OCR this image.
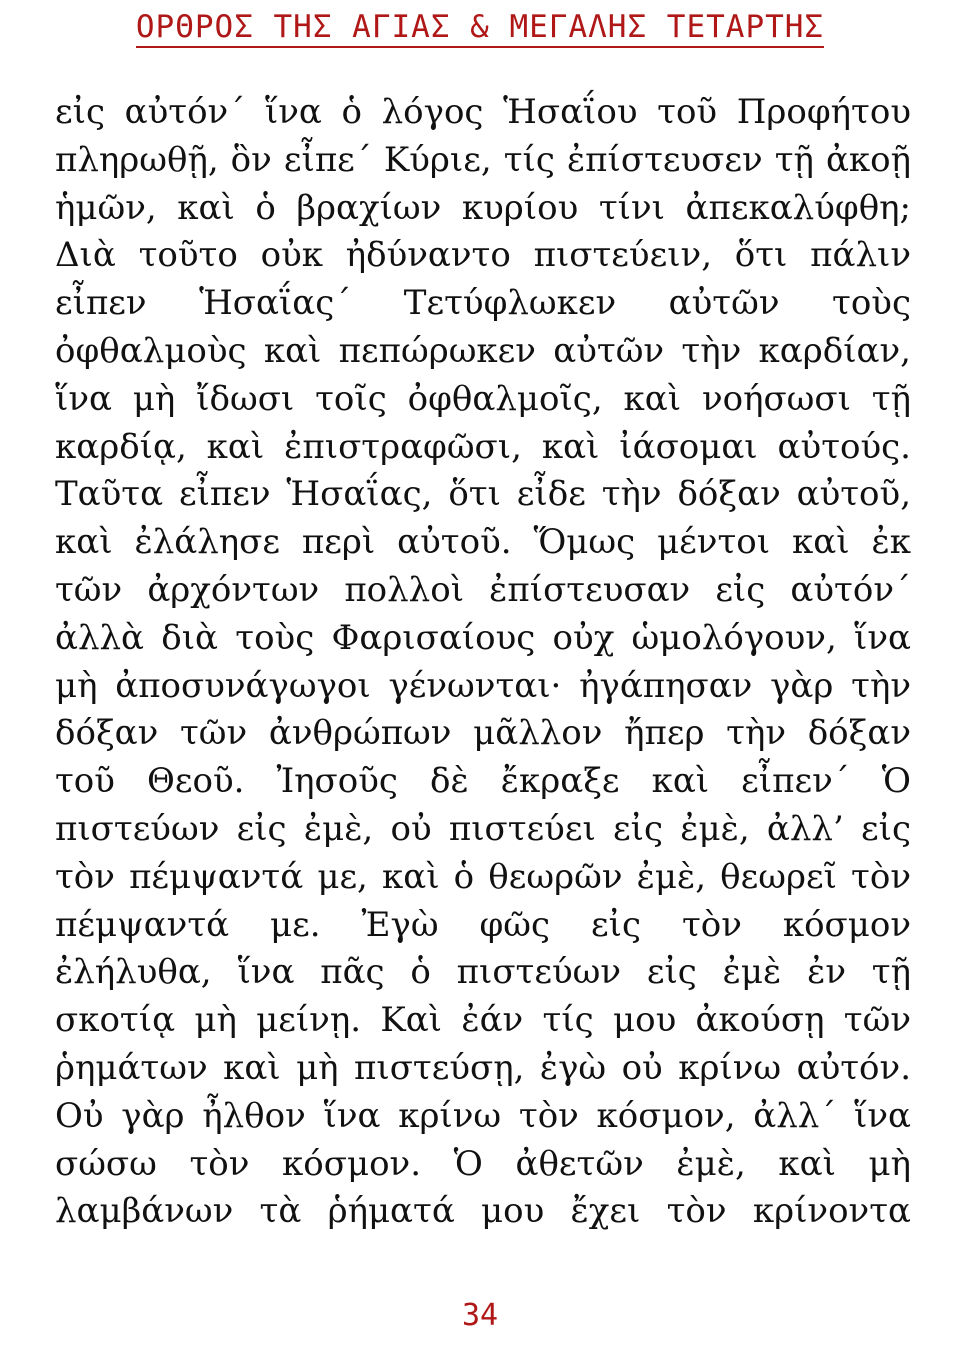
ΟΡΘΡΟΣ ΤΗΣ ΑΓΙΑΣ & ΜΕΓΑΛΗΣ ΤΕΤΑΡΤΗΣ
εἰς αὐτόν΄ ἵνα ὁ λόγος Ἡσαΐου τοῦ Προφήτου
πληρωθῇ, ὃν εἶπε΄ Κύριε, τίς ἐπίστευσεν τῇ ἀκοῇ
ἡμῶν, καὶ ὁ βραχίων κυρίου τίνι ἀπεκαλύφθη;
Διὰ τοῦτο οὐκ ἠδύναντο πιστεύειν, ὅτι πάλιν
εἶπεν Ἡσαΐας΄ Τετύφλωκεν αὐτῶν τοὺς
ὀφθαλμοὺς καὶ πεπώρωκεν αὐτῶν τὴν καρδίαν,
ἵνα μὴ ἴδωσι τοῖς ὀφθαλμοῖς, καὶ νοήσωσι τῇ
καρδίᾳ, καὶ ἐπιστραφῶσι, καὶ ἰάσομαι αὐτούς.
Ταῦτα εἶπεν Ἡσαΐας, ὅτι εἶδε τὴν δόξαν αὐτοῦ,
καὶ ἐλάλησε περὶ αὐτοῦ. Ὅμως μέντοι καὶ ἐκ
τῶν ἀρχόντων πολλοὶ ἐπίστευσαν εἰς αὐτόν΄
ἀλλὰ διὰ τοὺς Φαρισαίους οὐχ ὡμολόγουν, ἵνα
μὴ ἀποσυνάγωγοι γένωνται· ἠγάπησαν γὰρ τὴν
δόξαν τῶν ἀνθρώπων μᾶλλον ἤπερ τὴν δόξαν
τοῦ Θεοῦ. Ἰησοῦς δὲ ἔκραξε καὶ εἶπεν΄ Ὁ
πιστεύων εἰς ἐμὲ, οὐ πιστεύει εἰς ἐμὲ, ἀλλ’ εἰς
τὸν πέμψαντά με, καὶ ὁ θεωρῶν ἐμὲ, θεωρεῖ τὸν
πέμψαντά με. Ἐγὼ φῶς εἰς τὸν κόσμον
ἐλήλυθα, ἵνα πᾶς ὁ πιστεύων εἰς ἐμὲ ἐν τῇ
σκοτίᾳ μὴ μείνῃ. Καὶ ἐάν τίς μου ἀκούσῃ τῶν
ῥημάτων καὶ μὴ πιστεύσῃ, ἐγὼ οὐ κρίνω αὐτόν.
Οὐ γὰρ ἦλθον ἵνα κρίνω τὸν κόσμον, ἀλλ΄ ἵνα
σώσω τὸν κόσμον. Ὁ ἀθετῶν ἐμὲ, καὶ μὴ
λαμβάνων τὰ ῥήματά μου ἔχει τὸν κρίνοντα
34
